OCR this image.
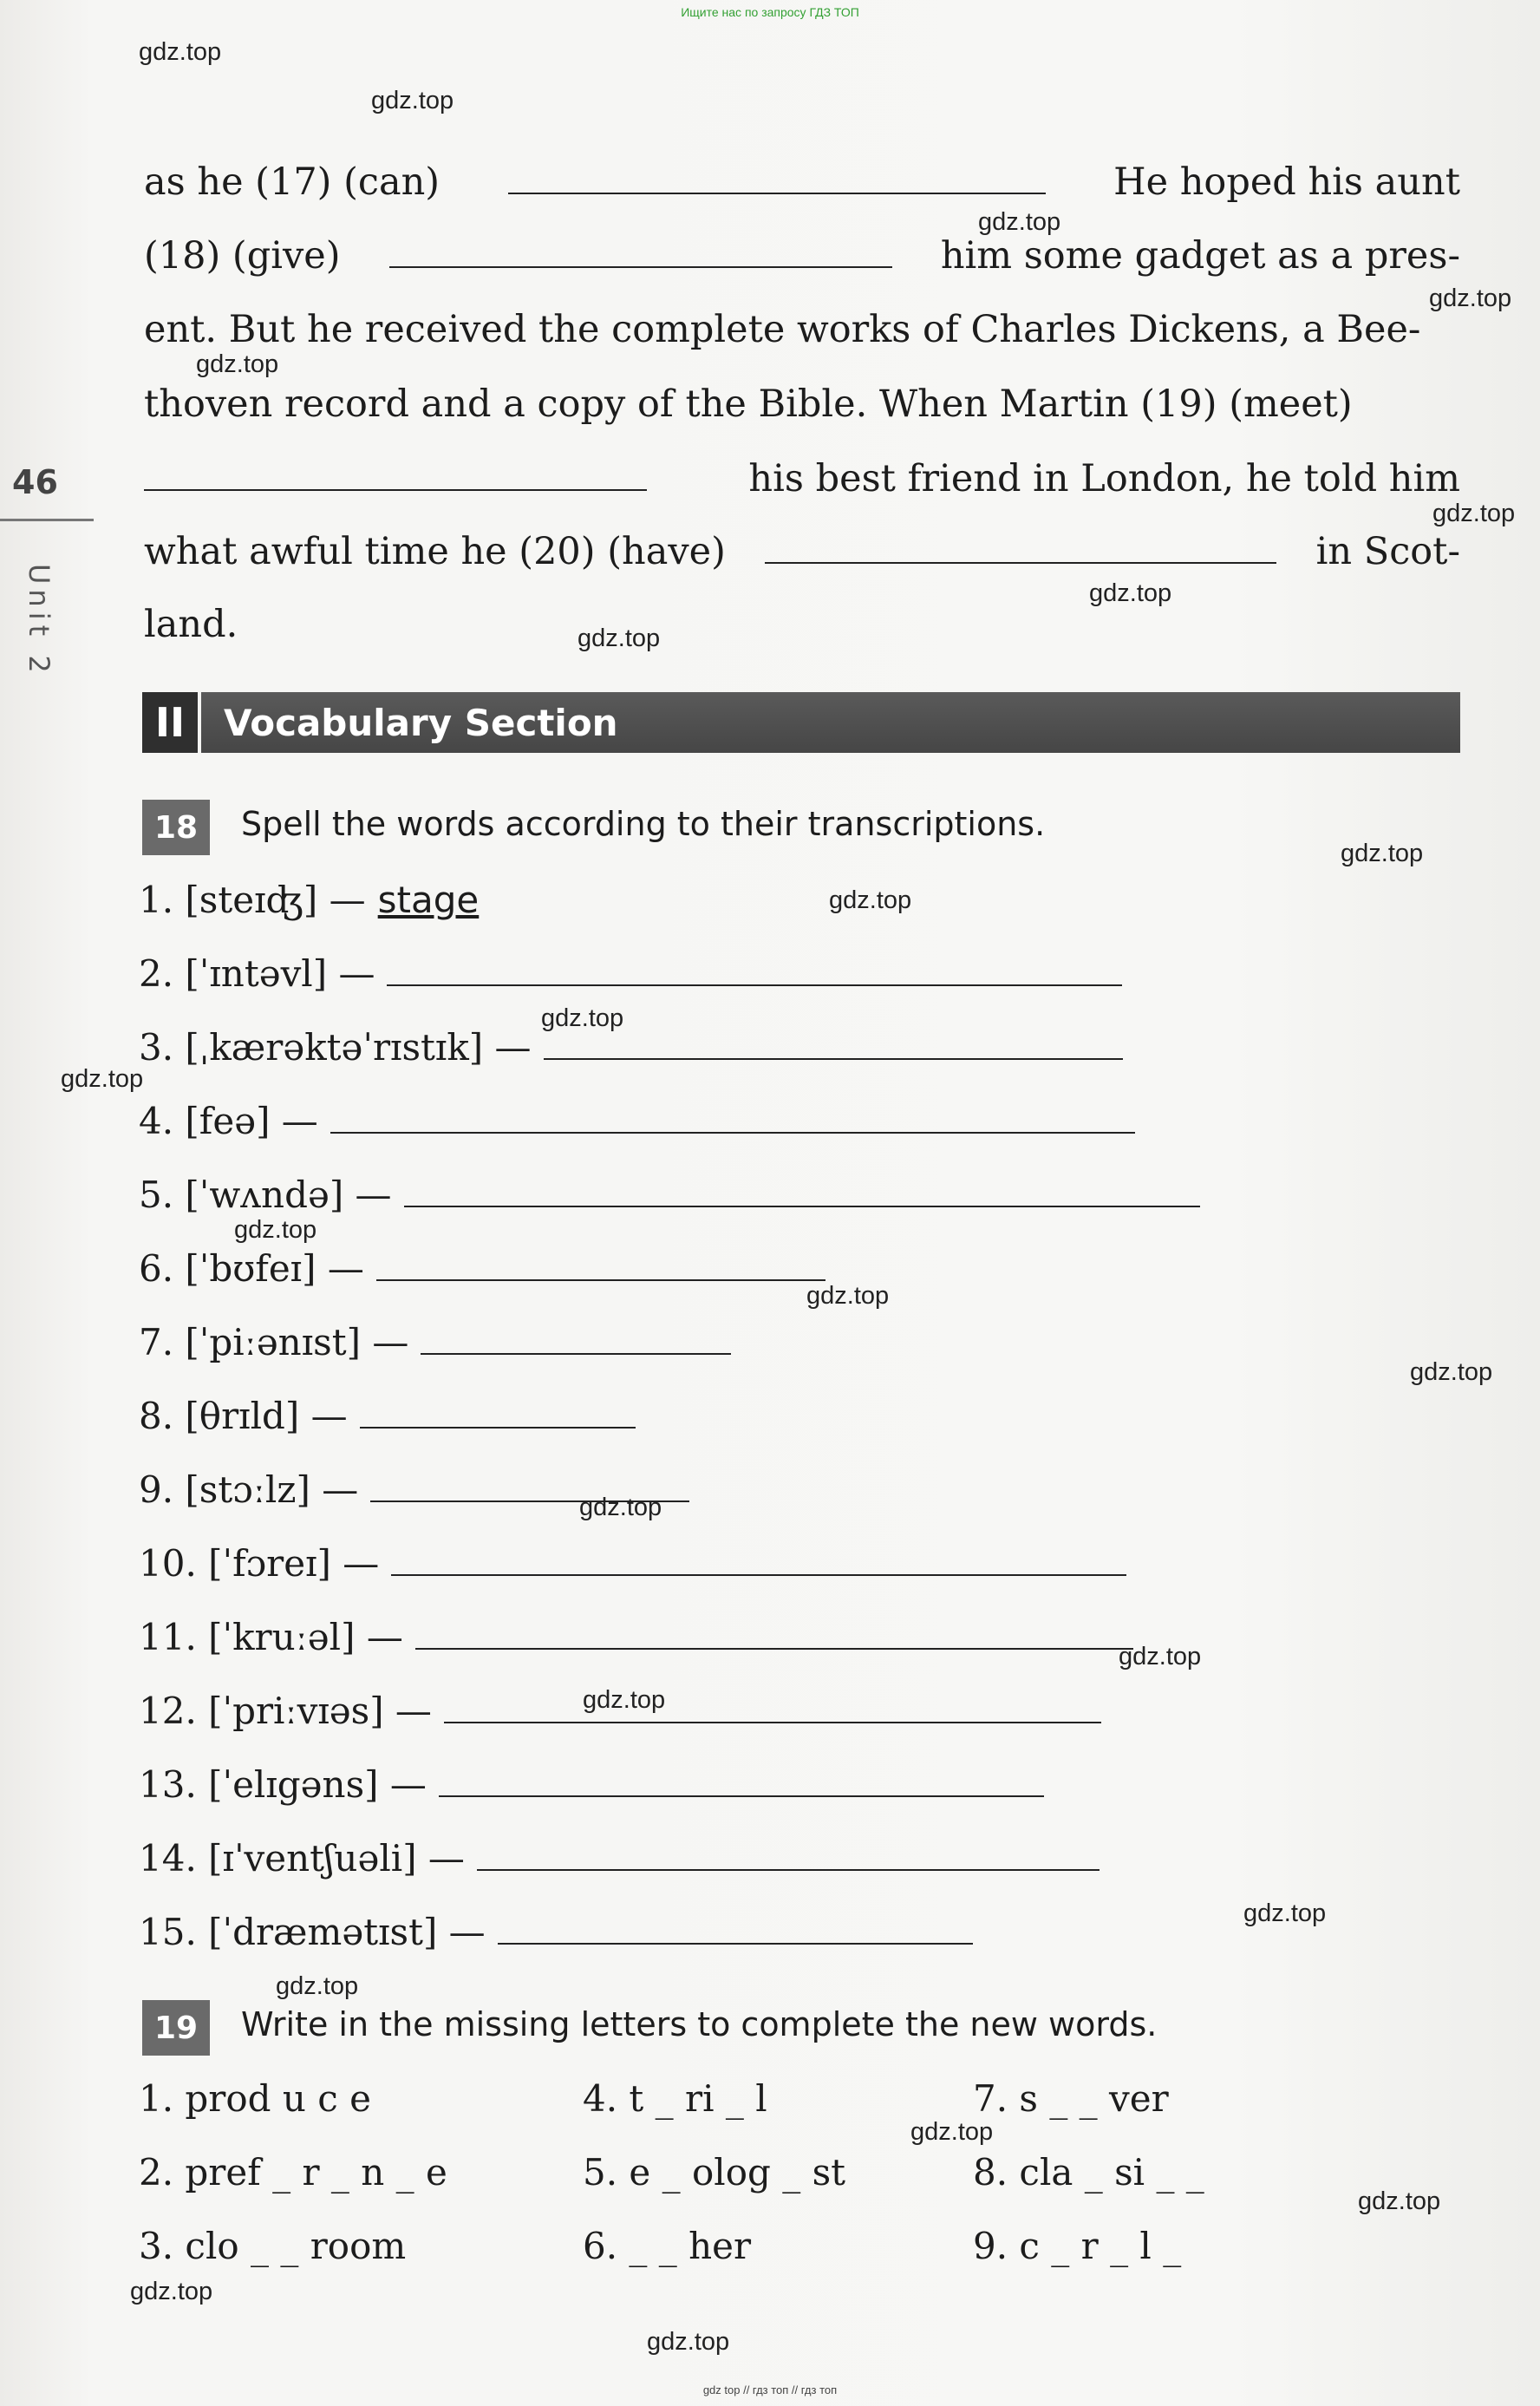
Ищите нас по запросу ГДЗ ТОП
gdz.top
gdz.top
gdz.top
gdz.top
gdz.top
gdz.top
gdz.top
gdz.top
gdz.top
gdz.top
gdz.top
gdz.top
gdz.top
gdz.top
gdz.top
gdz.top
gdz.top
gdz.top
gdz.top
gdz.top
gdz.top
gdz.top
gdz.top
gdz.top
46
Unit 2
as he (17) (can)	He hoped his aunt
(18) (give)	him some gadget as a pres-
ent. But he received the complete works of Charles Dickens, a Bee-
thoven record and a copy of the Bible. When Martin (19) (meet)
his best friend in London, he told him
what awful time he (20) (have)	in Scot-
land.
II	Vocabulary Section
18	Spell the words according to their transcriptions.
1. [steɪʤ] — stage
2. [ˈɪntəvl] —
3. [ˌkærəktəˈrɪstɪk] —
4. [feə] —
5. [ˈwʌndə] —
6. [ˈbʊfeɪ] —
7. [ˈpiːənɪst] —
8. [θrɪld] —
9. [stɔːlz] —
10. [ˈfɔreɪ] —
11. [ˈkruːəl] —
12. [ˈpriːvɪəs] —
13. [ˈelɪgəns] —
14. [ɪˈventʃuəli] —
15. [ˈdræmətɪst] —
19	Write in the missing letters to complete the new words.
1. prod u c e
2. pref _ r _ n _ e
3. clo _ _ room
4. t _ ri _ l
5. e _ olog _ st
6. _ _ her
7. s _ _ ver
8. cla _ si _ _
9. c _ r _ l _
gdz top // гдз топ // гдз топ
